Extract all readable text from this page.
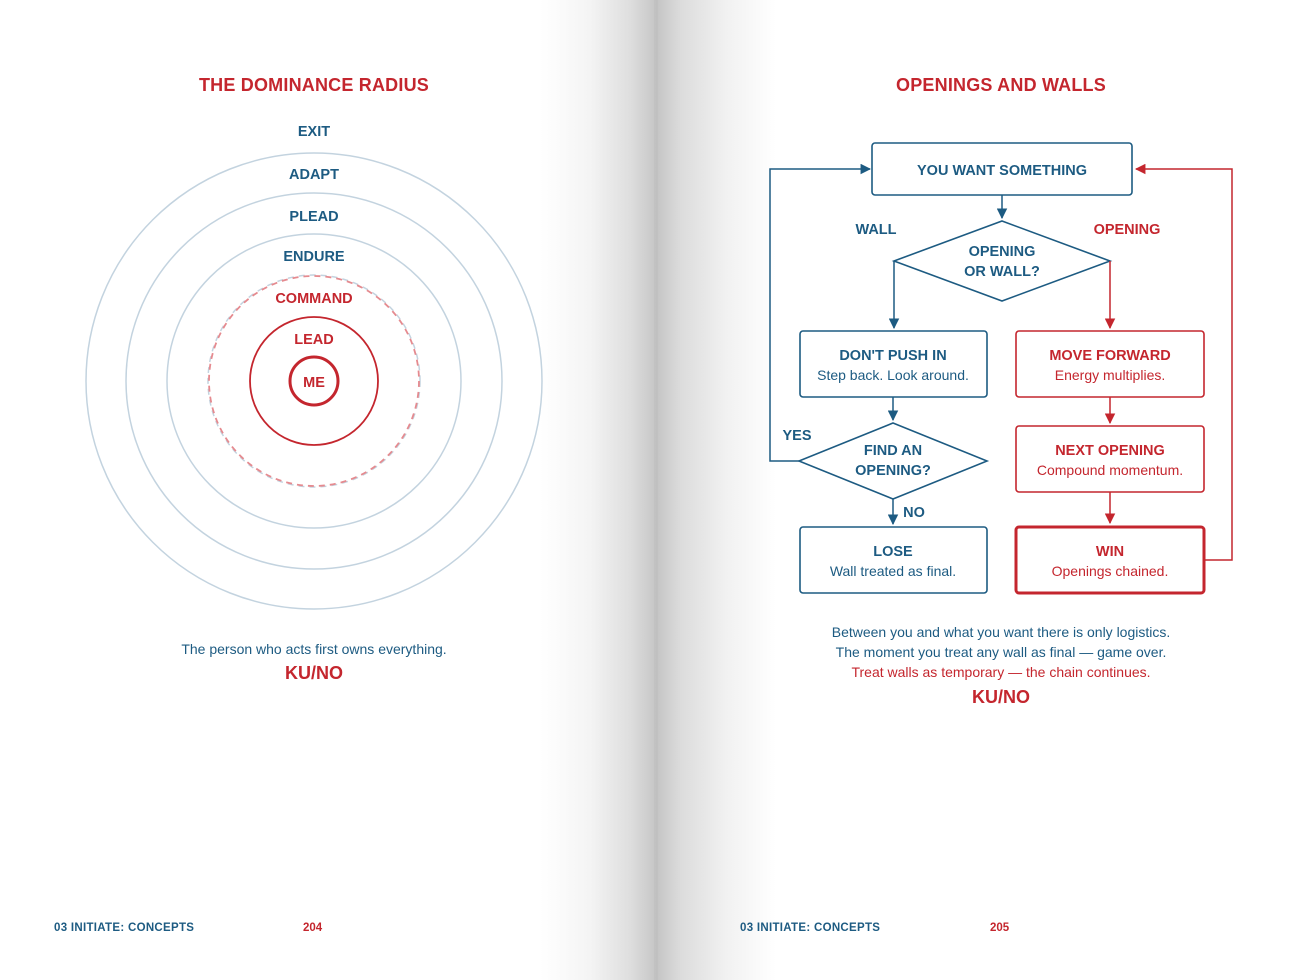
THE DOMINANCE RADIUS
EXIT
ADAPT
PLEAD
ENDURE
COMMAND
LEAD
ME

The person who acts first owns everything.

KU/NO

03 INITIATE: CONCEPTS	204

OPENINGS AND WALLS
YOU WANT SOMETHING
OPENING
OR WALL?
WALL	OPENING
DON'T PUSH IN
Step back. Look around.
MOVE FORWARD
Energy multiplies.
FIND AN
OPENING?
YES
NO
NEXT OPENING
Compound momentum.
LOSE
Wall treated as final.
WIN
Openings chained.

Between you and what you want there is only logistics.

The moment you treat any wall as final — game over.

Treat walls as temporary — the chain continues.

KU/NO

03 INITIATE: CONCEPTS	205
